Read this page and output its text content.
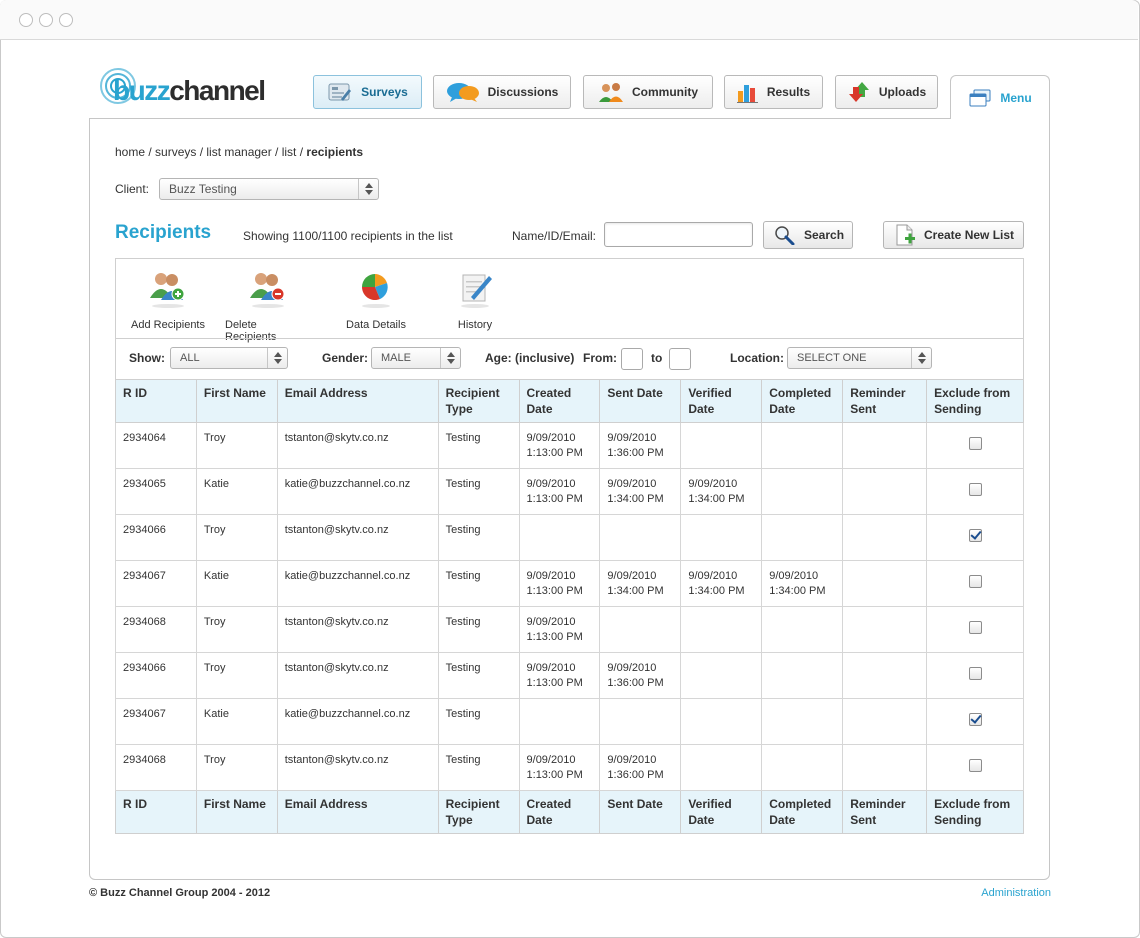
buzzchannel	Surveys	Discussions	Community	Results	Uploads	Menu
home / surveys / list manager / list / recipients
Client: Buzz Testing
Recipients	Showing 1100/1100 recipients in the list	Name/ID/Email:	Search	Create New List
Add Recipients Delete Recipients
Data Details	History
Show: ALL	Gender: MALE	Age: (inclusive) From:	to	Location: SELECT ONE
R ID	First Name	Email Address	Recipient Type	Created Date	Sent Date	Verified Date	Completed Date	Reminder Sent	Exclude from Sending
2934064	Troy	tstanton@skytv.co.nz	Testing	9/09/2010 1:13:00 PM	9/09/2010 1:36:00 PM				
2934065	Katie	katie@buzzchannel.co.nz	Testing	9/09/2010 1:13:00 PM	9/09/2010 1:34:00 PM	9/09/2010 1:34:00 PM			
2934066	Troy	tstanton@skytv.co.nz	Testing						
2934067	Katie	katie@buzzchannel.co.nz	Testing	9/09/2010 1:13:00 PM	9/09/2010 1:34:00 PM	9/09/2010 1:34:00 PM	9/09/2010 1:34:00 PM		
2934068	Troy	tstanton@skytv.co.nz	Testing	9/09/2010 1:13:00 PM					
2934066	Troy	tstanton@skytv.co.nz	Testing	9/09/2010 1:13:00 PM	9/09/2010 1:36:00 PM				
2934067	Katie	katie@buzzchannel.co.nz	Testing						
2934068	Troy	tstanton@skytv.co.nz	Testing	9/09/2010 1:13:00 PM	9/09/2010 1:36:00 PM				
R ID	First Name	Email Address	Recipient Type	Created Date	Sent Date	Verified Date	Completed Date	Reminder Sent	Exclude from Sending
© Buzz Channel Group 2004 - 2012	Administration
